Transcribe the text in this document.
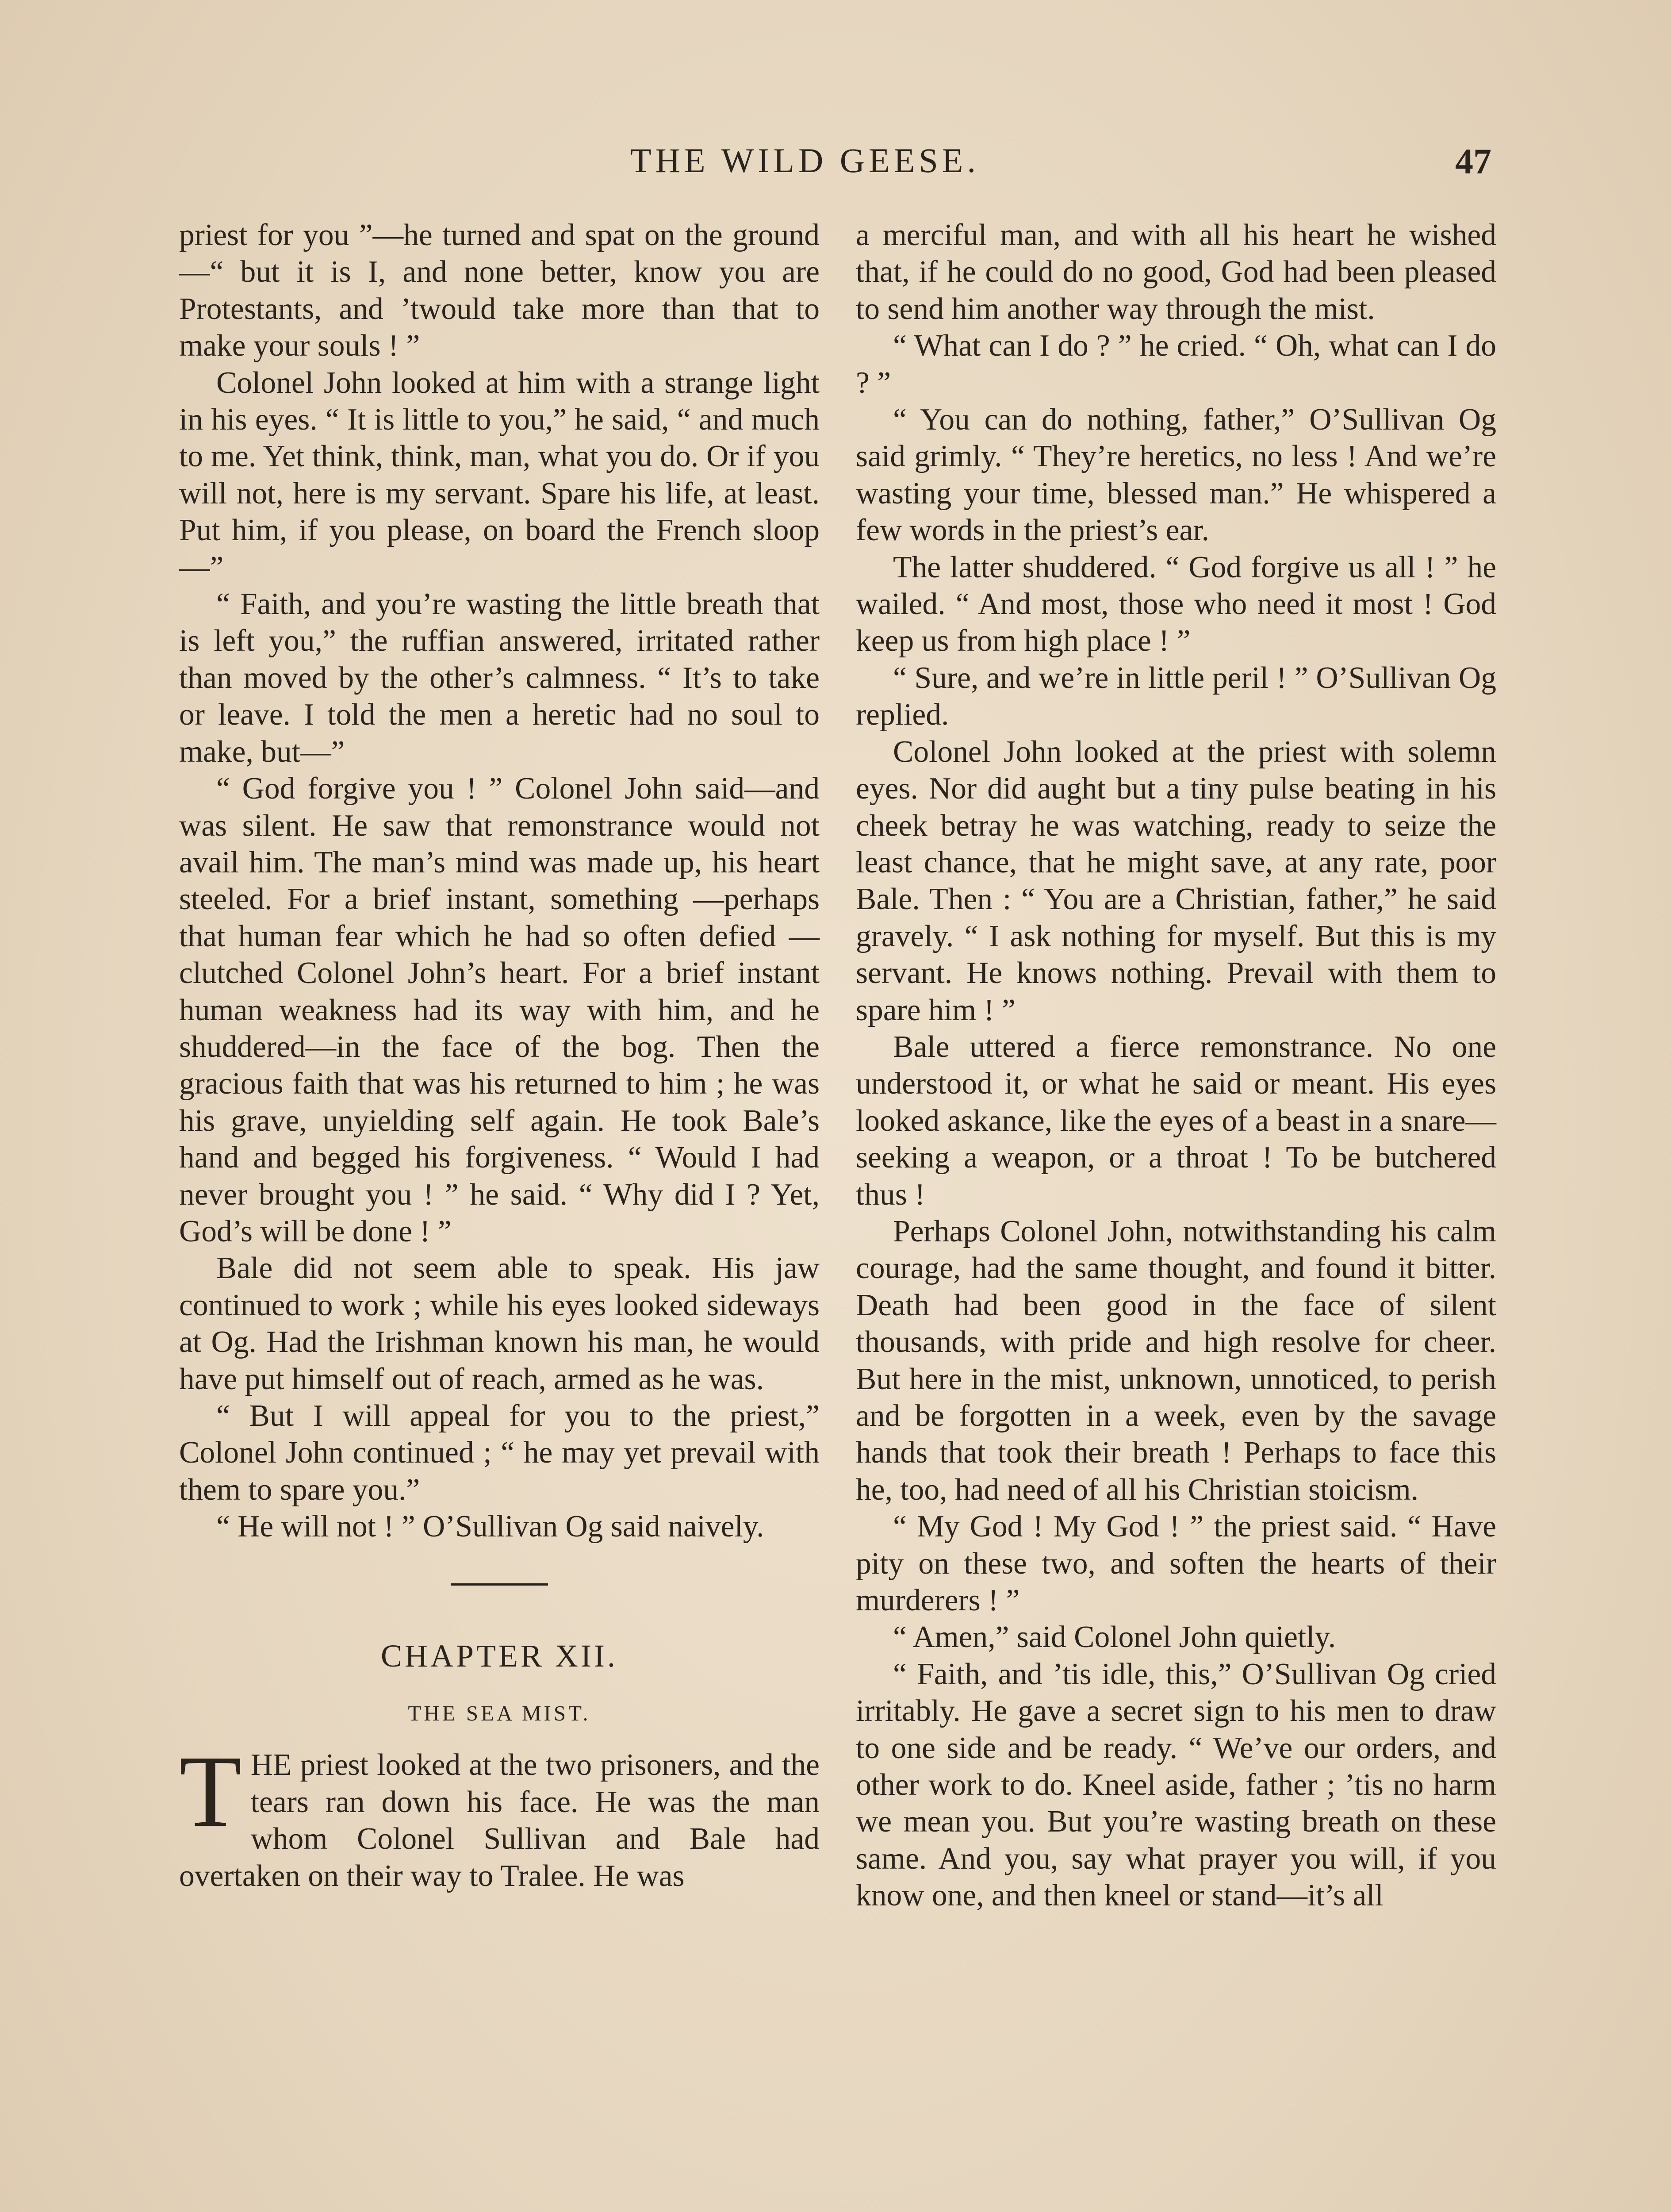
THE WILD GEESE.	47

priest for you ”—he turned and spat on the ground—“ but it is I, and none better, know you are Protestants, and ’twould take more than that to make your souls ! ”

Colonel John looked at him with a strange light in his eyes. “ It is little to you,” he said, “ and much to me. Yet think, think, man, what you do. Or if you will not, here is my servant. Spare his life, at least. Put him, if you please, on board the French sloop—”

“ Faith, and you’re wasting the little breath that is left you,” the ruffian answered, irritated rather than moved by the other’s calmness. “ It’s to take or leave. I told the men a heretic had no soul to make, but—”

“ God forgive you ! ” Colonel John said—and was silent. He saw that remonstrance would not avail him. The man’s mind was made up, his heart steeled. For a brief instant, something —perhaps that human fear which he had so often defied — clutched Colonel John’s heart. For a brief instant human weakness had its way with him, and he shuddered—in the face of the bog. Then the gracious faith that was his returned to him ; he was his grave, unyielding self again. He took Bale’s hand and begged his forgiveness. “ Would I had never brought you ! ” he said. “ Why did I ? Yet, God’s will be done ! ”

Bale did not seem able to speak. His jaw continued to work ; while his eyes looked sideways at Og. Had the Irishman known his man, he would have put himself out of reach, armed as he was.

“ But I will appeal for you to the priest,” Colonel John continued ; “ he may yet prevail with them to spare you.”

“ He will not ! ” O’Sullivan Og said naively.

CHAPTER XII.
THE SEA MIST.

THE priest looked at the two prisoners, and the tears ran down his face. He was the man whom Colonel Sullivan and Bale had overtaken on their way to Tralee. He was

a merciful man, and with all his heart he wished that, if he could do no good, God had been pleased to send him another way through the mist.

“ What can I do ? ” he cried. “ Oh, what can I do ? ”

“ You can do nothing, father,” O’Sullivan Og said grimly. “ They’re heretics, no less ! And we’re wasting your time, blessed man.” He whispered a few words in the priest’s ear.

The latter shuddered. “ God forgive us all ! ” he wailed. “ And most, those who need it most ! God keep us from high place ! ”

“ Sure, and we’re in little peril ! ” O’Sullivan Og replied.

Colonel John looked at the priest with solemn eyes. Nor did aught but a tiny pulse beating in his cheek betray he was watching, ready to seize the least chance, that he might save, at any rate, poor Bale. Then : “ You are a Christian, father,” he said gravely. “ I ask nothing for myself. But this is my servant. He knows nothing. Prevail with them to spare him ! ”

Bale uttered a fierce remonstrance. No one understood it, or what he said or meant. His eyes looked askance, like the eyes of a beast in a snare—seeking a weapon, or a throat ! To be butchered thus !

Perhaps Colonel John, notwithstanding his calm courage, had the same thought, and found it bitter. Death had been good in the face of silent thousands, with pride and high resolve for cheer. But here in the mist, unknown, unnoticed, to perish and be forgotten in a week, even by the savage hands that took their breath ! Perhaps to face this he, too, had need of all his Christian stoicism.

“ My God ! My God ! ” the priest said. “ Have pity on these two, and soften the hearts of their murderers ! ”

“ Amen,” said Colonel John quietly.

“ Faith, and ’tis idle, this,” O’Sullivan Og cried irritably. He gave a secret sign to his men to draw to one side and be ready. “ We’ve our orders, and other work to do. Kneel aside, father ; ’tis no harm we mean you. But you’re wasting breath on these same. And you, say what prayer you will, if you know one, and then kneel or stand—it’s all
